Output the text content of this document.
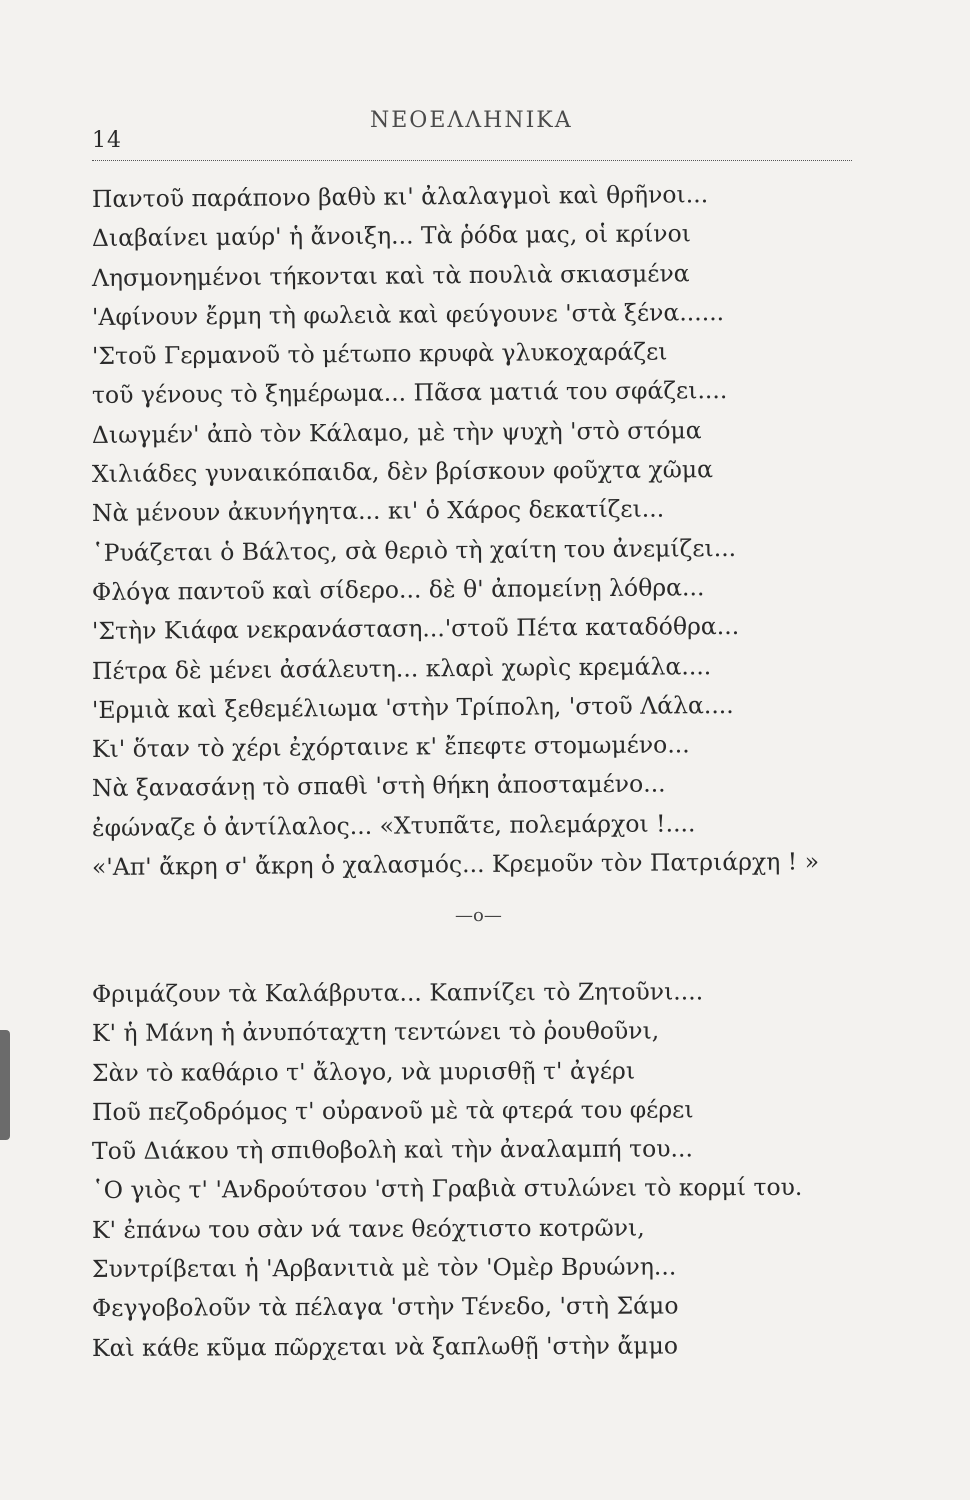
14
ΝΕΟΕΛΛΗΝΙΚΑ
Παντοῦ παράπονο βαθὺ κι' ἀλαλαγμοὶ καὶ θρῆνοι...
Διαβαίνει μαύρ' ἡ ἄνοιξη... Τὰ ῥόδα μας, οἱ κρίνοι
Λησμονημένοι τήκονται καὶ τὰ πουλιὰ σκιασμένα
'Αφίνουν ἔρμη τὴ φωλειὰ καὶ φεύγουνε 'στὰ ξένα......
'Στοῦ Γερμανοῦ τὸ μέτωπο κρυφὰ γλυκοχαράζει
τοῦ γένους τὸ ξημέρωμα... Πᾶσα ματιά του σφάζει....
Διωγμέν' ἀπὸ τὸν Κάλαμο, μὲ τὴν ψυχὴ 'στὸ στόμα
Χιλιάδες γυναικόπαιδα, δὲν βρίσκουν φοῦχτα χῶμα
Νὰ μένουν ἀκυνήγητα... κι' ὁ Χάρος δεκατίζει...
῾Ρυάζεται ὁ Βάλτος, σὰ θεριὸ τὴ χαίτη του ἀνεμίζει...
Φλόγα παντοῦ καὶ σίδερο... δὲ θ' ἀπομείνῃ λόθρα...
'Στὴν Κιάφα νεκρανάσταση...'στοῦ Πέτα καταδόθρα...
Πέτρα δὲ μένει ἀσάλευτη... κλαρὶ χωρὶς κρεμάλα....
'Ερμιὰ καὶ ξεθεμέλιωμα 'στὴν Τρίπολη, 'στοῦ Λάλα....
Κι' ὅταν τὸ χέρι ἐχόρταινε κ' ἔπεφτε στομωμένο...
Νὰ ξανασάνῃ τὸ σπαθὶ 'στὴ θήκη ἀποσταμένο...
ἐφώναζε ὁ ἀντίλαλος... «Χτυπᾶτε, πολεμάρχοι !....
«'Απ' ἄκρη σ' ἄκρη ὁ χαλασμός... Κρεμοῦν τὸν Πατριάρχη ! »
—ο—
Φριμάζουν τὰ Καλάβρυτα... Καπνίζει τὸ Ζητοῦνι....
Κ' ἡ Μάνη ἡ ἀνυπόταχτη τεντώνει τὸ ῥουθοῦνι,
Σὰν τὸ καθάριο τ' ἄλογο, νὰ μυρισθῇ τ' ἀγέρι
Ποῦ πεζοδρόμος τ' οὐρανοῦ μὲ τὰ φτερά του φέρει
Τοῦ Διάκου τὴ σπιθοβολὴ καὶ τὴν ἀναλαμπή του...
῾Ο γιὸς τ' 'Ανδρούτσου 'στὴ Γραβιὰ στυλώνει τὸ κορμί του.
Κ' ἐπάνω του σὰν νά τανε θεόχτιστο κοτρῶνι,
Συντρίβεται ἡ 'Αρβανιτιὰ μὲ τὸν 'Ομὲρ Βρυώνη...
Φεγγοβολοῦν τὰ πέλαγα 'στὴν Τένεδο, 'στὴ Σάμο
Καὶ κάθε κῦμα πῶρχεται νὰ ξαπλωθῇ 'στὴν ἄμμο
